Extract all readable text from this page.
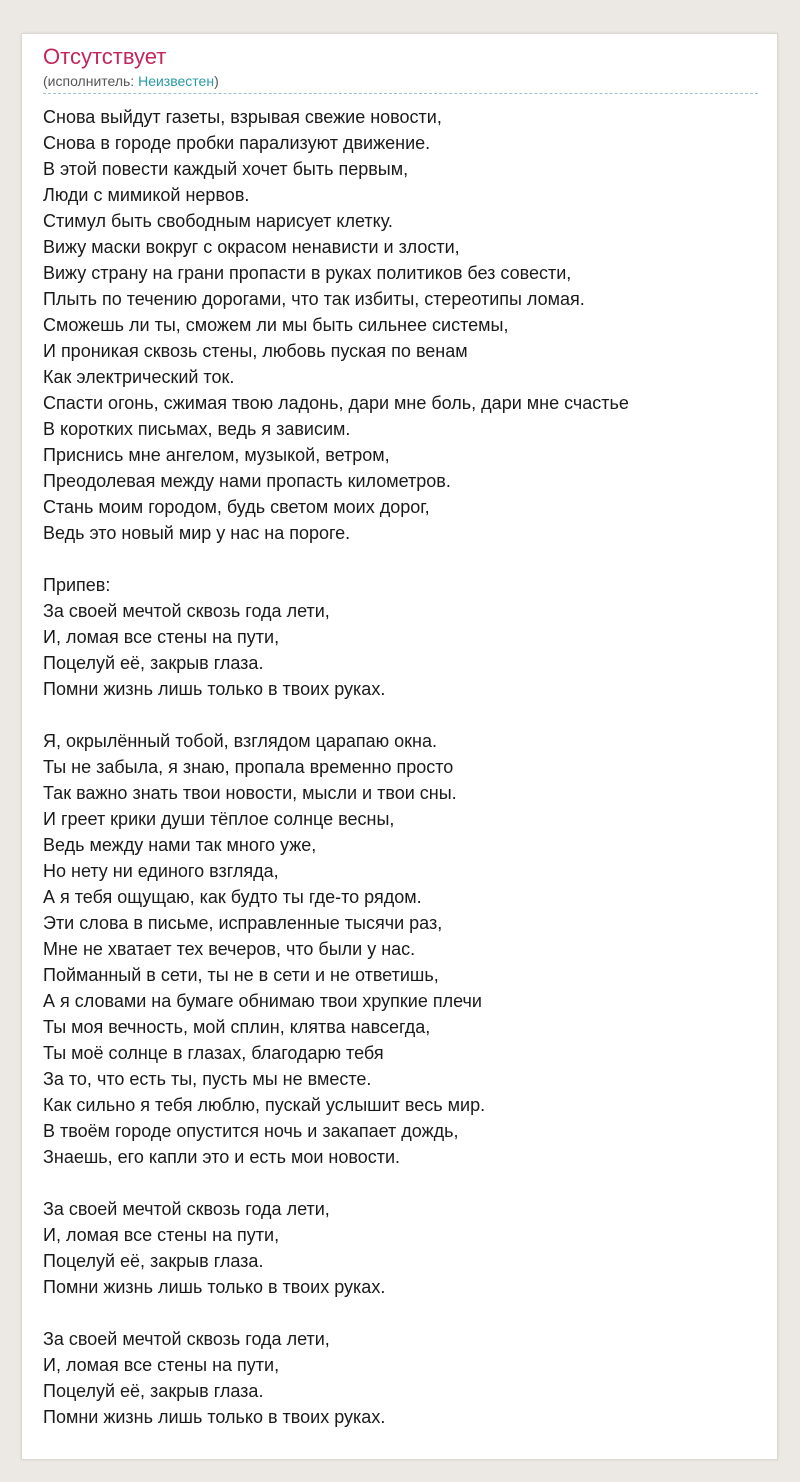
Отсутствует
(исполнитель: Неизвестен)
Снова выйдут газеты, взрывая свежие новости,
Снова в городе пробки парализуют движение.
В этой повести каждый хочет быть первым,
Люди с мимикой нервов.
Стимул быть свободным нарисует клетку.
Вижу маски вокруг с окрасом ненависти и злости,
Вижу страну на грани пропасти в руках политиков без совести,
Плыть по течению дорогами, что так избиты, стереотипы ломая.
Сможешь ли ты, сможем ли мы быть сильнее системы,
И проникая сквозь стены, любовь пуская по венам
Как электрический ток.
Спасти огонь, сжимая твою ладонь, дари мне боль, дари мне счастье
В коротких письмах, ведь я зависим.
Приснись мне ангелом, музыкой, ветром,
Преодолевая между нами пропасть километров.
Стань моим городом, будь светом моих дорог,
Ведь это новый мир у нас на пороге.
Припев:
За своей мечтой сквозь года лети,
И, ломая все стены на пути,
Поцелуй её, закрыв глаза.
Помни жизнь лишь только в твоих руках.
Я, окрылённый тобой, взглядом царапаю окна.
Ты не забыла, я знаю, пропала временно просто
Так важно знать твои новости, мысли и твои сны.
И греет крики души тёплое солнце весны,
Ведь между нами так много уже,
Но нету ни единого взгляда,
А я тебя ощущаю, как будто ты где-то рядом.
Эти слова в письме, исправленные тысячи раз,
Мне не хватает тех вечеров, что были у нас.
Пойманный в сети, ты не в сети и не ответишь,
А я словами на бумаге обнимаю твои хрупкие плечи
Ты моя вечность, мой сплин, клятва навсегда,
Ты моё солнце в глазах, благодарю тебя
За то, что есть ты, пусть мы не вместе.
Как сильно я тебя люблю, пускай услышит весь мир.
В твоём городе опустится ночь и закапает дождь,
Знаешь, его капли это и есть мои новости.
За своей мечтой сквозь года лети,
И, ломая все стены на пути,
Поцелуй её, закрыв глаза.
Помни жизнь лишь только в твоих руках.
За своей мечтой сквозь года лети,
И, ломая все стены на пути,
Поцелуй её, закрыв глаза.
Помни жизнь лишь только в твоих руках.
